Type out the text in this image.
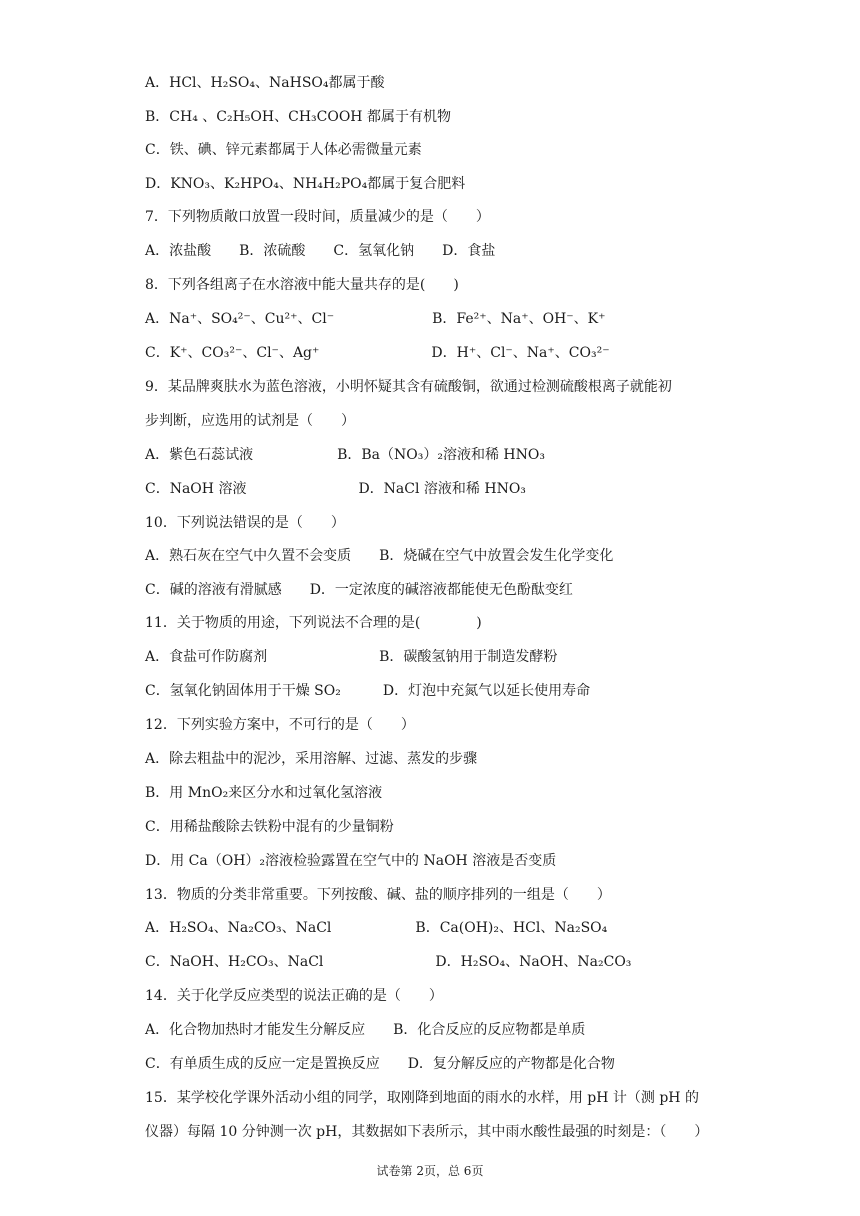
A．HCl、H₂SO₄、NaHSO₄都属于酸
B．CH₄ 、C₂H₅OH、CH₃COOH 都属于有机物
C．铁、碘、锌元素都属于人体必需微量元素
D．KNO₃、K₂HPO₄、NH₄H₂PO₄都属于复合肥料
7．下列物质敞口放置一段时间，质量减少的是（　　）
A．浓盐酸　　B．浓硫酸　　C．氢氧化钠　　D．食盐
8．下列各组离子在水溶液中能大量共存的是(　　)
A．Na⁺、SO₄²⁻、Cu²⁺、Cl⁻　　　　　　　B．Fe²⁺、Na⁺、OH⁻、K⁺
C．K⁺、CO₃²⁻、Cl⁻、Ag⁺　　　　　　　　D．H⁺、Cl⁻、Na⁺、CO₃²⁻
9．某品牌爽肤水为蓝色溶液，小明怀疑其含有硫酸铜，欲通过检测硫酸根离子就能初
步判断，应选用的试剂是（　　）
A．紫色石蕊试液　　　　　　B．Ba（NO₃）₂溶液和稀 HNO₃
C．NaOH 溶液　　　　　　　　D．NaCl 溶液和稀 HNO₃
10．下列说法错误的是（　　）
A．熟石灰在空气中久置不会变质　　B．烧碱在空气中放置会发生化学变化
C．碱的溶液有滑腻感　　D．一定浓度的碱溶液都能使无色酚酞变红
11．关于物质的用途，下列说法不合理的是(　　　　)
A．食盐可作防腐剂　　　　　　　　B．碳酸氢钠用于制造发酵粉
C．氢氧化钠固体用于干燥 SO₂　　　D．灯泡中充氮气以延长使用寿命
12．下列实验方案中，不可行的是（　　）
A．除去粗盐中的泥沙，采用溶解、过滤、蒸发的步骤
B．用 MnO₂来区分水和过氧化氢溶液
C．用稀盐酸除去铁粉中混有的少量铜粉
D．用 Ca（OH）₂溶液检验露置在空气中的 NaOH 溶液是否变质
13．物质的分类非常重要。下列按酸、碱、盐的顺序排列的一组是（　　）
A．H₂SO₄、Na₂CO₃、NaCl　　　　　　B．Ca(OH)₂、HCl、Na₂SO₄
C．NaOH、H₂CO₃、NaCl　　　　　　　　D．H₂SO₄、NaOH、Na₂CO₃
14．关于化学反应类型的说法正确的是（　　）
A．化合物加热时才能发生分解反应　　B．化合反应的反应物都是单质
C．有单质生成的反应一定是置换反应　　D．复分解反应的产物都是化合物
15．某学校化学课外活动小组的同学，取刚降到地面的雨水的水样，用 pH 计（测 pH 的
仪器）每隔 10 分钟测一次 pH，其数据如下表所示，其中雨水酸性最强的时刻是：（　　）
试卷第 2页，总 6页
